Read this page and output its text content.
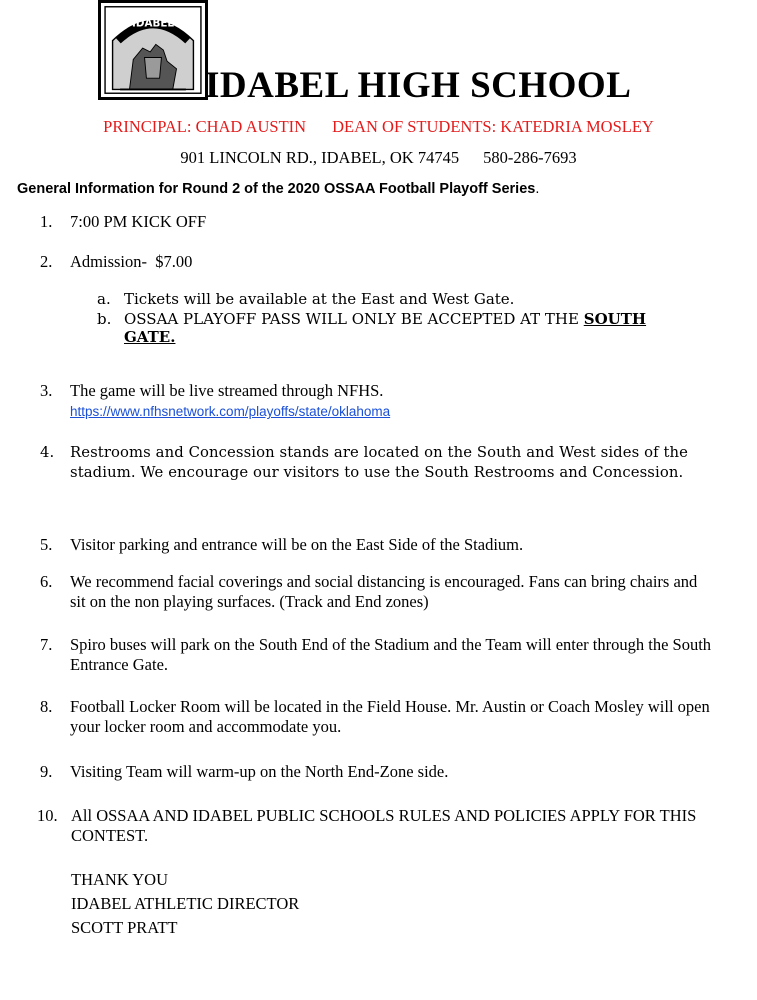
IDABEL
IDABEL HIGH SCHOOL
PRINCIPAL: CHAD AUSTIN DEAN OF STUDENTS: KATEDRIA MOSLEY
901 LINCOLN RD., IDABEL, OK 74745 580-286-7693
General Information for Round 2 of the 2020 OSSAA Football Playoff Series.
1.	7:00 PM KICK OFF
2.	Admission-  $7.00
a. Tickets will be available at the East and West Gate.
b. OSSAA PLAYOFF PASS WILL ONLY BE ACCEPTED AT THE SOUTH GATE.
3.	The game will be live streamed through NFHS.
https://www.nfhsnetwork.com/playoffs/state/oklahoma
4.	Restrooms and Concession stands are located on the South and West sides of the stadium. We encourage our visitors to use the South Restrooms and Concession.
5.	Visitor parking and entrance will be on the East Side of the Stadium.
6.	We recommend facial coverings and social distancing is encouraged. Fans can bring chairs and sit on the non playing surfaces. (Track and End zones)
7.	Spiro buses will park on the South End of the Stadium and the Team will enter through the South Entrance Gate.
8.	Football Locker Room will be located in the Field House. Mr. Austin or Coach Mosley will open your locker room and accommodate you.
9.	Visiting Team will warm-up on the North End-Zone side.
10. All OSSAA AND IDABEL PUBLIC SCHOOLS RULES AND POLICIES APPLY FOR THIS CONTEST.
THANK YOU
IDABEL ATHLETIC DIRECTOR
SCOTT PRATT
